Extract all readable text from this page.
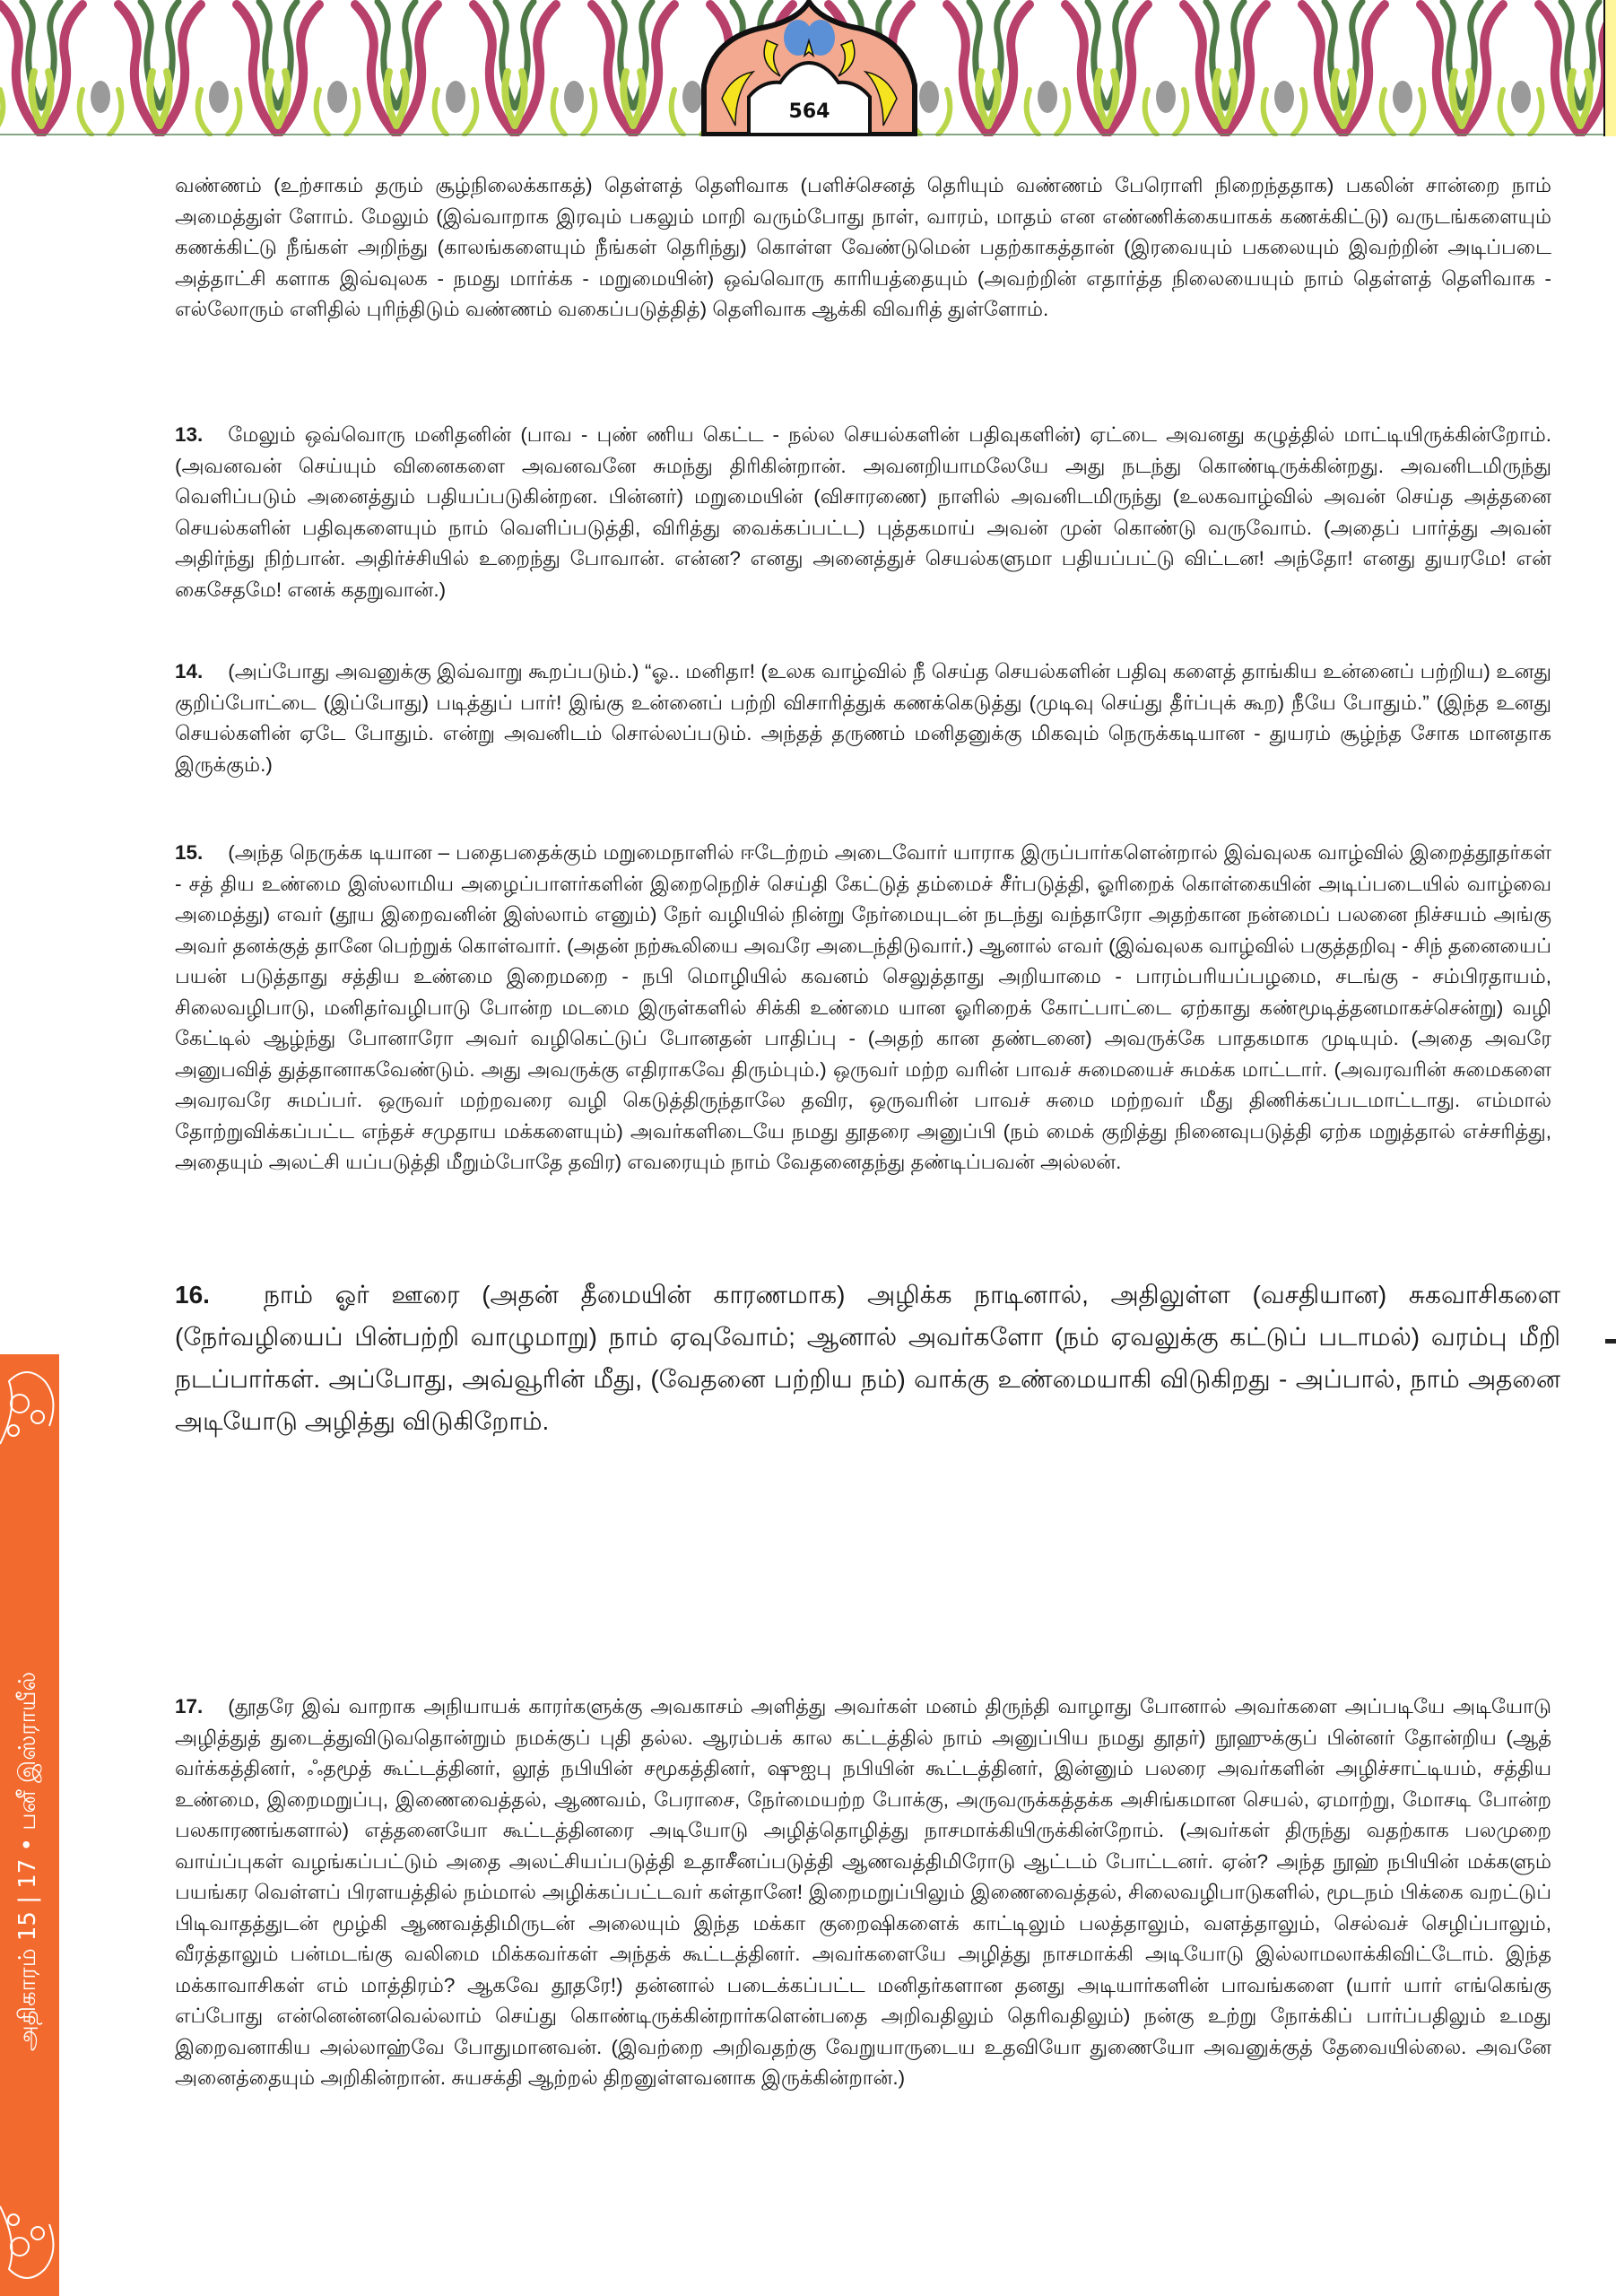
564
அதிகாரம் 15 | 17 • பனீ இஸ்ராயீல்

வண்ணம் (உற்சாகம் தரும் சூழ்நிலைக்காகத்) தெள்ளத் தெளிவாக (பளிச்செனத் தெரியும் வண்ணம் பேரொளி நிறைந்ததாக) பகலின் சான்றை நாம் அமைத்துள் ளோம். மேலும் (இவ்வாறாக இரவும் பகலும் மாறி வரும்போது நாள், வாரம், மாதம் என எண்ணிக்கையாகக் கணக்கிட்டு) வருடங்களையும் கணக்கிட்டு நீங்கள் அறிந்து (காலங்களையும் நீங்கள் தெரிந்து) கொள்ள வேண்டுமென் பதற்காகத்தான் (இரவையும் பகலையும் இவற்றின் அடிப்படை அத்தாட்சி களாக இவ்வுலக - நமது மார்க்க - மறுமையின்) ஒவ்வொரு காரியத்தையும் (அவற்றின் எதார்த்த நிலையையும் நாம் தெள்ளத் தெளிவாக - எல்லோரும் எளிதில் புரிந்திடும் வண்ணம் வகைப்படுத்தித்) தெளிவாக ஆக்கி விவரித் துள்ளோம்.

13. மேலும் ஒவ்வொரு மனிதனின் (பாவ - புண் ணிய கெட்ட - நல்ல செயல்களின் பதிவுகளின்) ஏட்டை அவனது கழுத்தில் மாட்டியிருக்கின்றோம். (அவனவன் செய்யும் வினைகளை அவனவனே சுமந்து திரிகின்றான். அவனறியாமலேயே அது நடந்து கொண்டிருக்கின்றது. அவனிடமிருந்து வெளிப்படும் அனைத்தும் பதியப்படுகின்றன. பின்னர்) மறுமையின் (விசாரணை) நாளில் அவனிடமிருந்து (உலகவாழ்வில் அவன் செய்த அத்தனை செயல்களின் பதிவுகளையும் நாம் வெளிப்படுத்தி, விரித்து வைக்கப்பட்ட) புத்தகமாய் அவன் முன் கொண்டு வருவோம். (அதைப் பார்த்து அவன் அதிர்ந்து நிற்பான். அதிர்ச்சியில் உறைந்து போவான். என்ன? எனது அனைத்துச் செயல்களுமா பதியப்பட்டு விட்டன! அந்தோ! எனது துயரமே! என் கைசேதமே! எனக் கதறுவான்.)

14. (அப்போது அவனுக்கு இவ்வாறு கூறப்படும்.) “ஓ.. மனிதா! (உலக வாழ்வில் நீ செய்த செயல்களின் பதிவு களைத் தாங்கிய உன்னைப் பற்றிய) உனது குறிப்போட்டை (இப்போது) படித்துப் பார்! இங்கு உன்னைப் பற்றி விசாரித்துக் கணக்கெடுத்து (முடிவு செய்து தீர்ப்புக் கூற) நீயே போதும்.” (இந்த உனது செயல்களின் ஏடே போதும். என்று அவனிடம் சொல்லப்படும். அந்தத் தருணம் மனிதனுக்கு மிகவும் நெருக்கடியான - துயரம் சூழ்ந்த சோக மானதாக இருக்கும்.)

15. (அந்த நெருக்க டியான – பதைபதைக்கும் மறுமைநாளில் ஈடேற்றம் அடைவோர் யாராக இருப்பார்களென்றால் இவ்வுலக வாழ்வில் இறைத்தூதர்கள் - சத் திய உண்மை இஸ்லாமிய அழைப்பாளர்களின் இறைநெறிச் செய்தி கேட்டுத் தம்மைச் சீர்படுத்தி, ஓரிறைக் கொள்கையின் அடிப்படையில் வாழ்வை அமைத்து) எவர் (தூய இறைவனின் இஸ்லாம் எனும்) நேர் வழியில் நின்று நேர்மையுடன் நடந்து வந்தாரோ அதற்கான நன்மைப் பலனை நிச்சயம் அங்கு அவர் தனக்குத் தானே பெற்றுக் கொள்வார். (அதன் நற்கூலியை அவரே அடைந்திடுவார்.) ஆனால் எவர் (இவ்வுலக வாழ்வில் பகுத்தறிவு - சிந் தனையைப் பயன் படுத்தாது சத்திய உண்மை இறைமறை - நபி மொழியில் கவனம் செலுத்தாது அறியாமை - பாரம்பரியப்பழமை, சடங்கு - சம்பிரதாயம், சிலைவழிபாடு, மனிதர்வழிபாடு போன்ற மடமை இருள்களில் சிக்கி உண்மை யான ஓரிறைக் கோட்பாட்டை ஏற்காது கண்மூடித்தனமாகச்சென்று) வழி கேட்டில் ஆழ்ந்து போனாரோ அவர் வழிகெட்டுப் போனதன் பாதிப்பு - (அதற் கான தண்டனை) அவருக்கே பாதகமாக முடியும். (அதை அவரே அனுபவித் துத்தானாகவேண்டும். அது அவருக்கு எதிராகவே திரும்பும்.) ஒருவர் மற்ற வரின் பாவச் சுமையைச் சுமக்க மாட்டார். (அவரவரின் சுமைகளை அவரவரே சுமப்பர். ஒருவர் மற்றவரை வழி கெடுத்திருந்தாலே தவிர, ஒருவரின் பாவச் சுமை மற்றவர் மீது திணிக்கப்படமாட்டாது. எம்மால் தோற்றுவிக்கப்பட்ட எந்தச் சமுதாய மக்களையும்) அவர்களிடையே நமது தூதரை அனுப்பி (நம் மைக் குறித்து நினைவுபடுத்தி ஏற்க மறுத்தால் எச்சரித்து, அதையும் அலட்சி யப்படுத்தி மீறும்போதே தவிர) எவரையும் நாம் வேதனைதந்து தண்டிப்பவன் அல்லன்.

16. நாம் ஓர் ஊரை (அதன் தீமையின் காரணமாக) அழிக்க நாடினால், அதிலுள்ள (வசதியான) சுகவாசிகளை (நேர்வழியைப் பின்பற்றி வாழுமாறு) நாம் ஏவுவோம்; ஆனால் அவர்களோ (நம் ஏவலுக்கு கட்டுப் படாமல்) வரம்பு மீறி நடப்பார்கள். அப்போது, அவ்வூரின் மீது, (வேதனை பற்றிய நம்) வாக்கு உண்மையாகி விடுகிறது - அப்பால், நாம் அதனை அடியோடு அழித்து விடுகிறோம்.

17. (தூதரே இவ் வாறாக அநியாயக் காரர்களுக்கு அவகாசம் அளித்து அவர்கள் மனம் திருந்தி வாழாது போனால் அவர்களை அப்படியே அடியோடு அழித்துத் துடைத்துவிடுவதொன்றும் நமக்குப் புதி தல்ல. ஆரம்பக் கால கட்டத்தில் நாம் அனுப்பிய நமது தூதர்) நூஹுக்குப் பின்னர் தோன்றிய (ஆத் வர்க்கத்தினர், ஃதமூத் கூட்டத்தினர், லூத் நபியின் சமூகத்தினர், ஷுஐபு நபியின் கூட்டத்தினர், இன்னும் பலரை அவர்களின் அழிச்சாட்டியம், சத்திய உண்மை, இறைமறுப்பு, இணைவைத்தல், ஆணவம், பேராசை, நேர்மையற்ற போக்கு, அருவருக்கத்தக்க அசிங்கமான செயல், ஏமாற்று, மோசடி போன்ற பலகாரணங்களால்) எத்தனையோ கூட்டத்தினரை அடியோடு அழித்தொழித்து நாசமாக்கியிருக்கின்றோம். (அவர்கள் திருந்து வதற்காக பலமுறை வாய்ப்புகள் வழங்கப்பட்டும் அதை அலட்சியப்படுத்தி உதாசீனப்படுத்தி ஆணவத்திமிரோடு ஆட்டம் போட்டனர். ஏன்? அந்த நூஹ் நபியின் மக்களும் பயங்கர வெள்ளப் பிரளயத்தில் நம்மால் அழிக்கப்பட்டவர் கள்தானே! இறைமறுப்பிலும் இணைவைத்தல், சிலைவழிபாடுகளில், மூடநம் பிக்கை வறட்டுப் பிடிவாதத்துடன் மூழ்கி ஆணவத்திமிருடன் அலையும் இந்த மக்கா குறைஷிகளைக் காட்டிலும் பலத்தாலும், வளத்தாலும், செல்வச் செழிப்பாலும், வீரத்தாலும் பன்மடங்கு வலிமை மிக்கவர்கள் அந்தக் கூட்டத்தினர். அவர்களையே அழித்து நாசமாக்கி அடியோடு இல்லாமலாக்கிவிட்டோம். இந்த மக்காவாசிகள் எம் மாத்திரம்? ஆகவே தூதரே!) தன்னால் படைக்கப்பட்ட மனிதர்களான தனது அடியார்களின் பாவங்களை (யார் யார் எங்கெங்கு எப்போது என்னென்னவெல்லாம் செய்து கொண்டிருக்கின்றார்களென்பதை அறிவதிலும் தெரிவதிலும்) நன்கு உற்று நோக்கிப் பார்ப்பதிலும் உமது இறைவனாகிய அல்லாஹ்வே போதுமானவன். (இவற்றை அறிவதற்கு வேறுயாருடைய உதவியோ துணையோ அவனுக்குத் தேவையில்லை. அவனே அனைத்தையும் அறிகின்றான். சுயசக்தி ஆற்றல் திறனுள்ளவனாக இருக்கின்றான்.)
